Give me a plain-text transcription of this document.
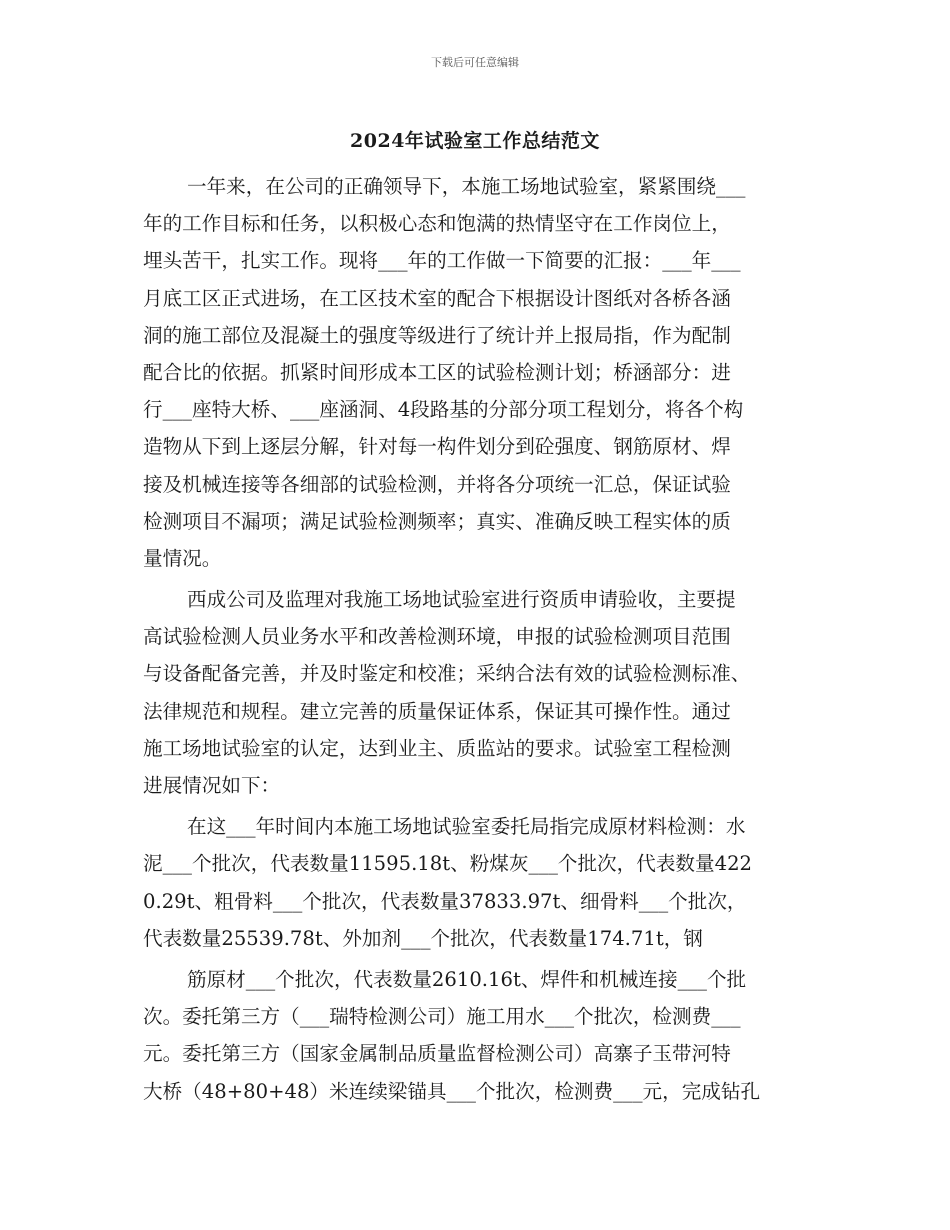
下载后可任意编辑
2024年试验室工作总结范文
一年来，在公司的正确领导下，本施工场地试验室，紧紧围绕___
年的工作目标和任务，以积极心态和饱满的热情坚守在工作岗位上，
埋头苦干，扎实工作。现将___年的工作做一下简要的汇报：___年___
月底工区正式进场，在工区技术室的配合下根据设计图纸对各桥各涵
洞的施工部位及混凝土的强度等级进行了统计并上报局指，作为配制
配合比的依据。抓紧时间形成本工区的试验检测计划；桥涵部分：进
行___座特大桥、___座涵洞、4段路基的分部分项工程划分，将各个构
造物从下到上逐层分解，针对每一构件划分到砼强度、钢筋原材、焊
接及机械连接等各细部的试验检测，并将各分项统一汇总，保证试验
检测项目不漏项；满足试验检测频率；真实、准确反映工程实体的质
量情况。
西成公司及监理对我施工场地试验室进行资质申请验收，主要提
高试验检测人员业务水平和改善检测环境，申报的试验检测项目范围
与设备配备完善，并及时鉴定和校准；采纳合法有效的试验检测标准、
法律规范和规程。建立完善的质量保证体系，保证其可操作性。通过
施工场地试验室的认定，达到业主、质监站的要求。试验室工程检测
进展情况如下：
在这___年时间内本施工场地试验室委托局指完成原材料检测：水
泥___个批次，代表数量11595.18t、粉煤灰___个批次，代表数量422
0.29t、粗骨料___个批次，代表数量37833.97t、细骨料___个批次，
代表数量25539.78t、外加剂___个批次，代表数量174.71t，钢
筋原材___个批次，代表数量2610.16t、焊件和机械连接___个批
次。委托第三方（___瑞特检测公司）施工用水___个批次，检测费___
元。委托第三方（国家金属制品质量监督检测公司）高寨子玉带河特
大桥（48+80+48）米连续梁锚具___个批次，检测费___元，完成钻孔
